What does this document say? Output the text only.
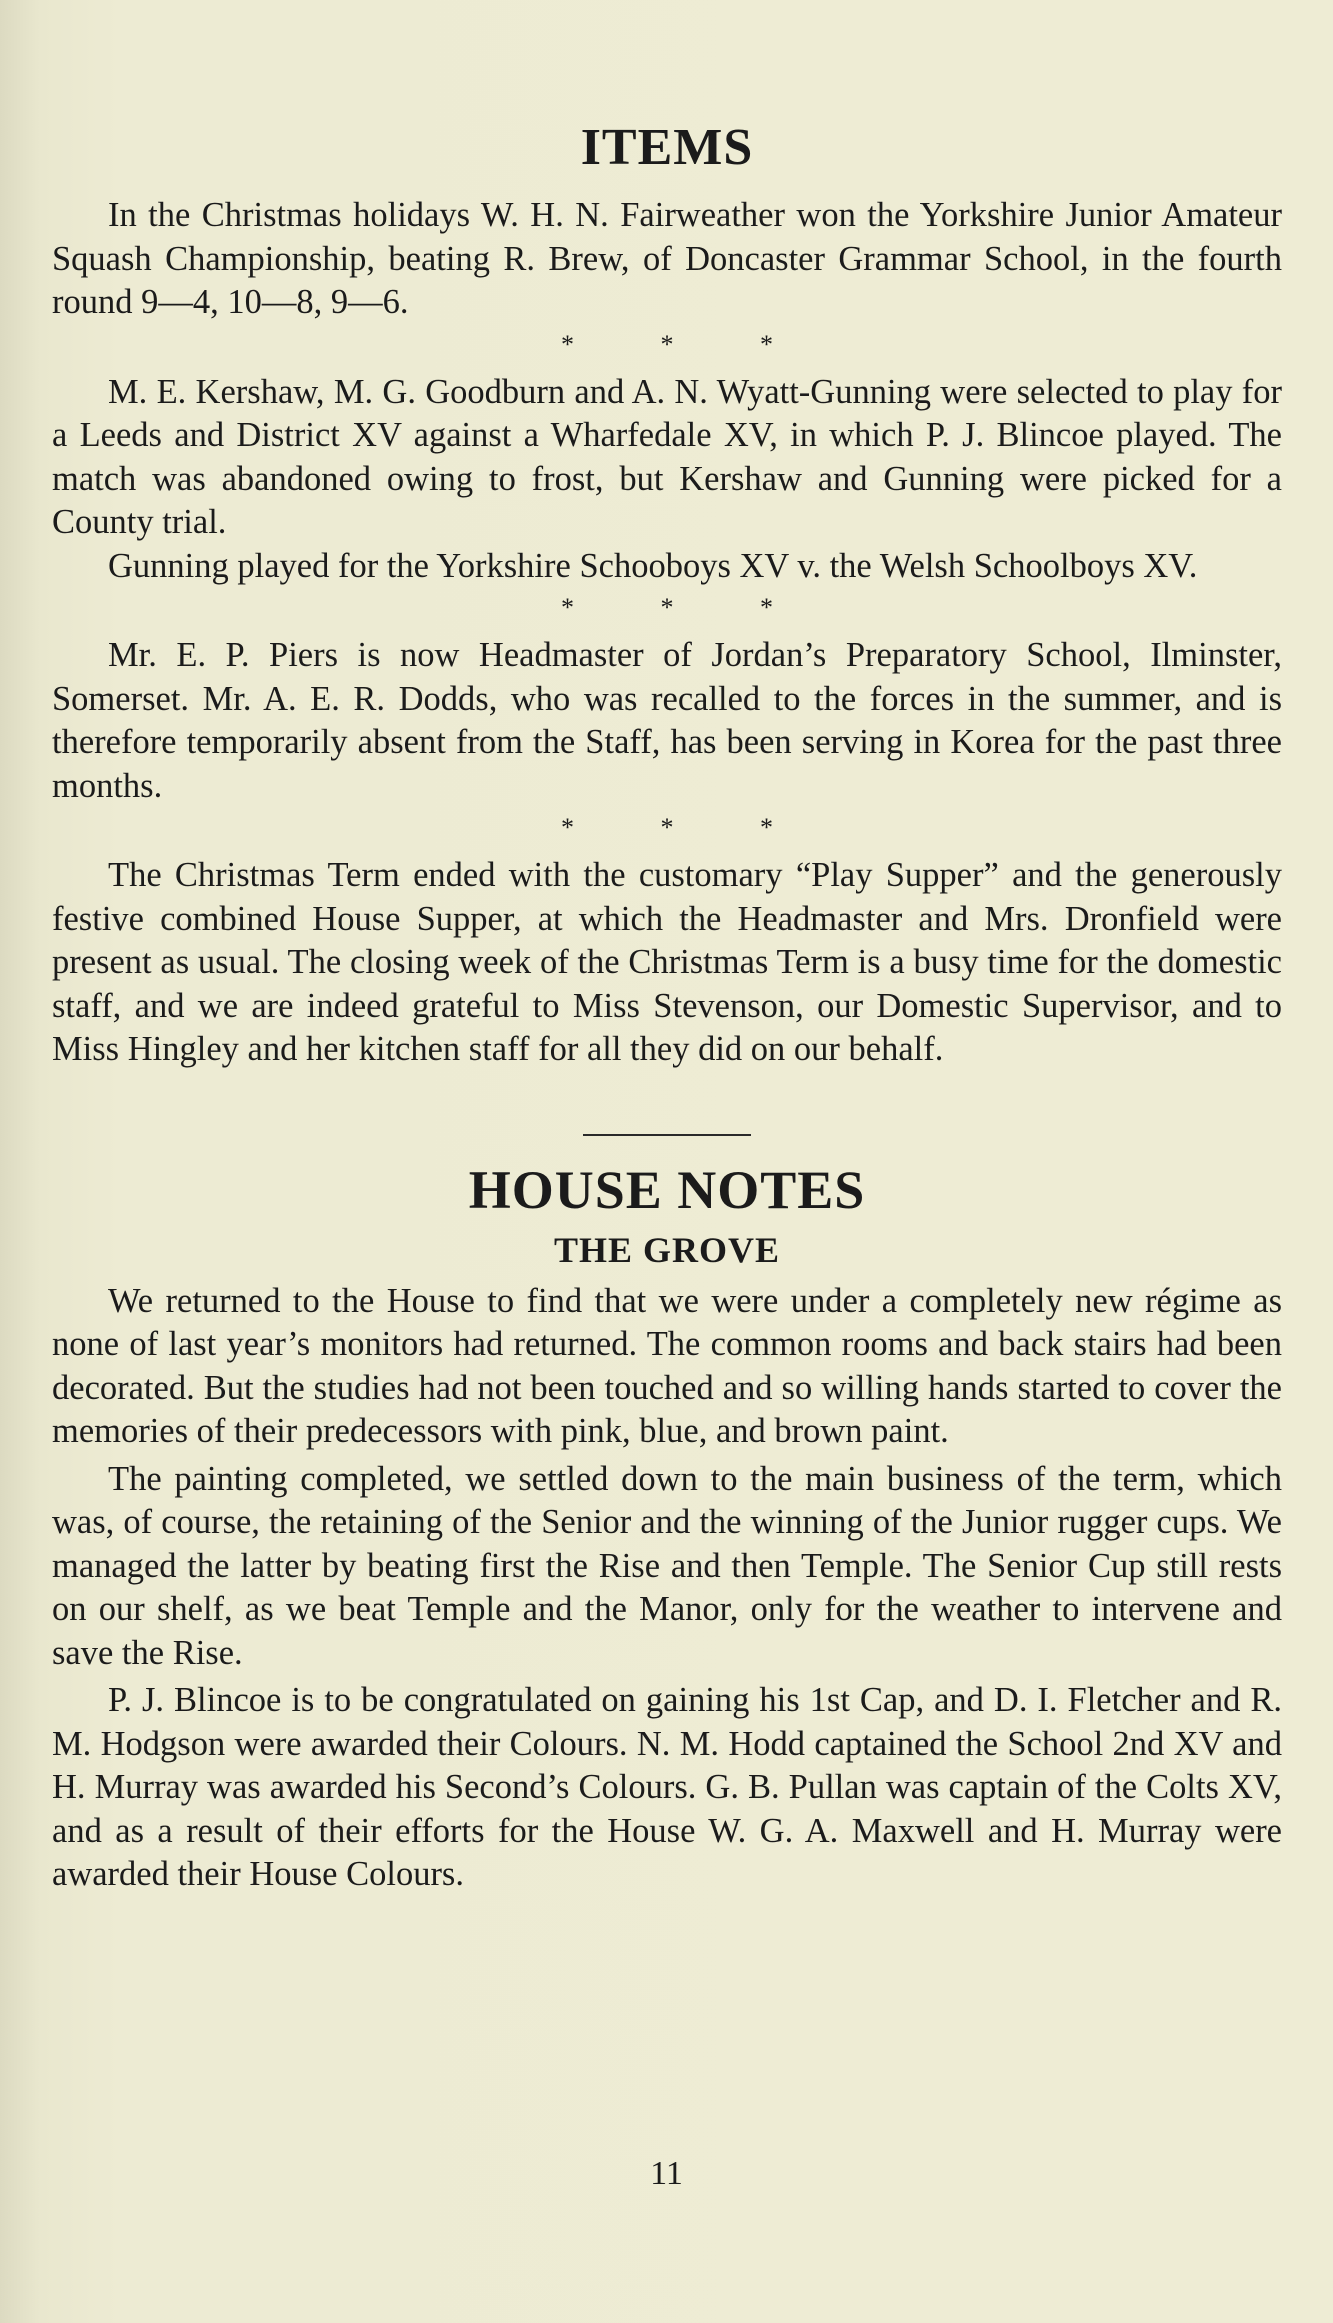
ITEMS

In the Christmas holidays W. H. N. Fairweather won the Yorkshire Junior Amateur Squash Championship, beating R. Brew, of Doncaster Grammar School, in the fourth round 9—4, 10—8, 9—6.

* * *

M. E. Kershaw, M. G. Goodburn and A. N. Wyatt-Gunning were selected to play for a Leeds and District XV against a Wharfedale XV, in which P. J. Blincoe played. The match was abandoned owing to frost, but Kershaw and Gunning were picked for a County trial.

Gunning played for the Yorkshire Schooboys XV v. the Welsh Schoolboys XV.

* * *

Mr. E. P. Piers is now Headmaster of Jordan’s Preparatory School, Ilminster, Somerset. Mr. A. E. R. Dodds, who was recalled to the forces in the summer, and is therefore temporarily absent from the Staff, has been serving in Korea for the past three months.

* * *

The Christmas Term ended with the customary “Play Supper” and the generously festive combined House Supper, at which the Headmaster and Mrs. Dronfield were present as usual. The closing week of the Christmas Term is a busy time for the domestic staff, and we are indeed grateful to Miss Stevenson, our Domestic Supervisor, and to Miss Hingley and her kitchen staff for all they did on our behalf.

HOUSE NOTES
THE GROVE

We returned to the House to find that we were under a completely new régime as none of last year’s monitors had returned. The common rooms and back stairs had been decorated. But the studies had not been touched and so willing hands started to cover the memories of their predecessors with pink, blue, and brown paint.

The painting completed, we settled down to the main business of the term, which was, of course, the retaining of the Senior and the winning of the Junior rugger cups. We managed the latter by beating first the Rise and then Temple. The Senior Cup still rests on our shelf, as we beat Temple and the Manor, only for the weather to intervene and save the Rise.

P. J. Blincoe is to be congratulated on gaining his 1st Cap, and D. I. Fletcher and R. M. Hodgson were awarded their Colours. N. M. Hodd captained the School 2nd XV and H. Murray was awarded his Second’s Colours. G. B. Pullan was captain of the Colts XV, and as a result of their efforts for the House W. G. A. Maxwell and H. Murray were awarded their House Colours.

11
